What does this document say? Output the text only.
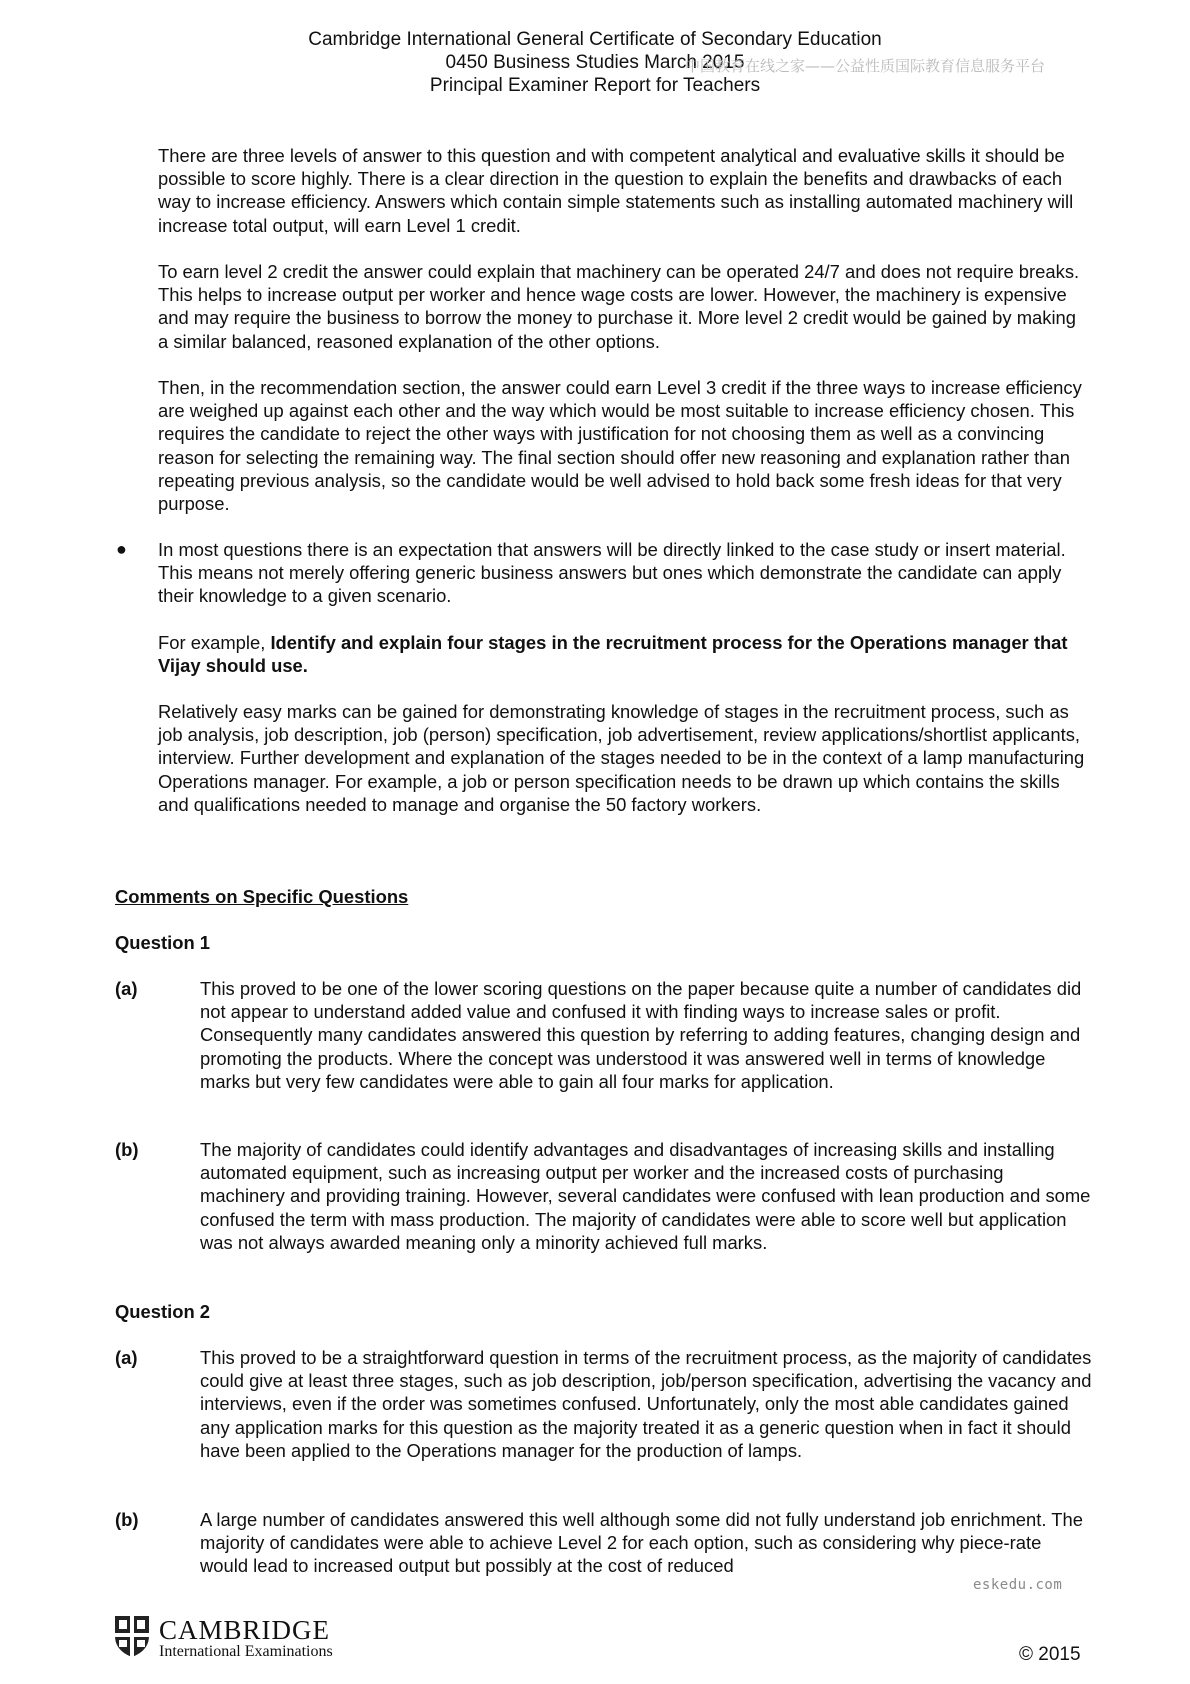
Cambridge International General Certificate of Secondary Education
0450 Business Studies March 2015
Principal Examiner Report for Teachers
中国教育在线之家——公益性质国际教育信息服务平台

There are three levels of answer to this question and with competent analytical and evaluative skills it should be possible to score highly. There is a clear direction in the question to explain the benefits and drawbacks of each way to increase efficiency. Answers which contain simple statements such as installing automated machinery will increase total output, will earn Level 1 credit.

To earn level 2 credit the answer could explain that machinery can be operated 24/7 and does not require breaks. This helps to increase output per worker and hence wage costs are lower. However, the machinery is expensive and may require the business to borrow the money to purchase it. More level 2 credit would be gained by making a similar balanced, reasoned explanation of the other options.

Then, in the recommendation section, the answer could earn Level 3 credit if the three ways to increase efficiency are weighed up against each other and the way which would be most suitable to increase efficiency chosen. This requires the candidate to reject the other ways with justification for not choosing them as well as a convincing reason for selecting the remaining way. The final section should offer new reasoning and explanation rather than repeating previous analysis, so the candidate would be well advised to hold back some fresh ideas for that very purpose.

● In most questions there is an expectation that answers will be directly linked to the case study or insert material. This means not merely offering generic business answers but ones which demonstrate the candidate can apply their knowledge to a given scenario.

For example, Identify and explain four stages in the recruitment process for the Operations manager that Vijay should use.

Relatively easy marks can be gained for demonstrating knowledge of stages in the recruitment process, such as job analysis, job description, job (person) specification, job advertisement, review applications/shortlist applicants, interview. Further development and explanation of the stages needed to be in the context of a lamp manufacturing Operations manager. For example, a job or person specification needs to be drawn up which contains the skills and qualifications needed to manage and organise the 50 factory workers.

Comments on Specific Questions

Question 1

(a)	This proved to be one of the lower scoring questions on the paper because quite a number of candidates did not appear to understand added value and confused it with finding ways to increase sales or profit. Consequently many candidates answered this question by referring to adding features, changing design and promoting the products. Where the concept was understood it was answered well in terms of knowledge marks but very few candidates were able to gain all four marks for application.

(b)	The majority of candidates could identify advantages and disadvantages of increasing skills and installing automated equipment, such as increasing output per worker and the increased costs of purchasing machinery and providing training. However, several candidates were confused with lean production and some confused the term with mass production. The majority of candidates were able to score well but application was not always awarded meaning only a minority achieved full marks.

Question 2

(a)	This proved to be a straightforward question in terms of the recruitment process, as the majority of candidates could give at least three stages, such as job description, job/person specification, advertising the vacancy and interviews, even if the order was sometimes confused. Unfortunately, only the most able candidates gained any application marks for this question as the majority treated it as a generic question when in fact it should have been applied to the Operations manager for the production of lamps.

(b)	A large number of candidates answered this well although some did not fully understand job enrichment. The majority of candidates were able to achieve Level 2 for each option, such as considering why piece-rate would lead to increased output but possibly at the cost of reduced

eskedu.com
CAMBRIDGE
International Examinations	© 2015
